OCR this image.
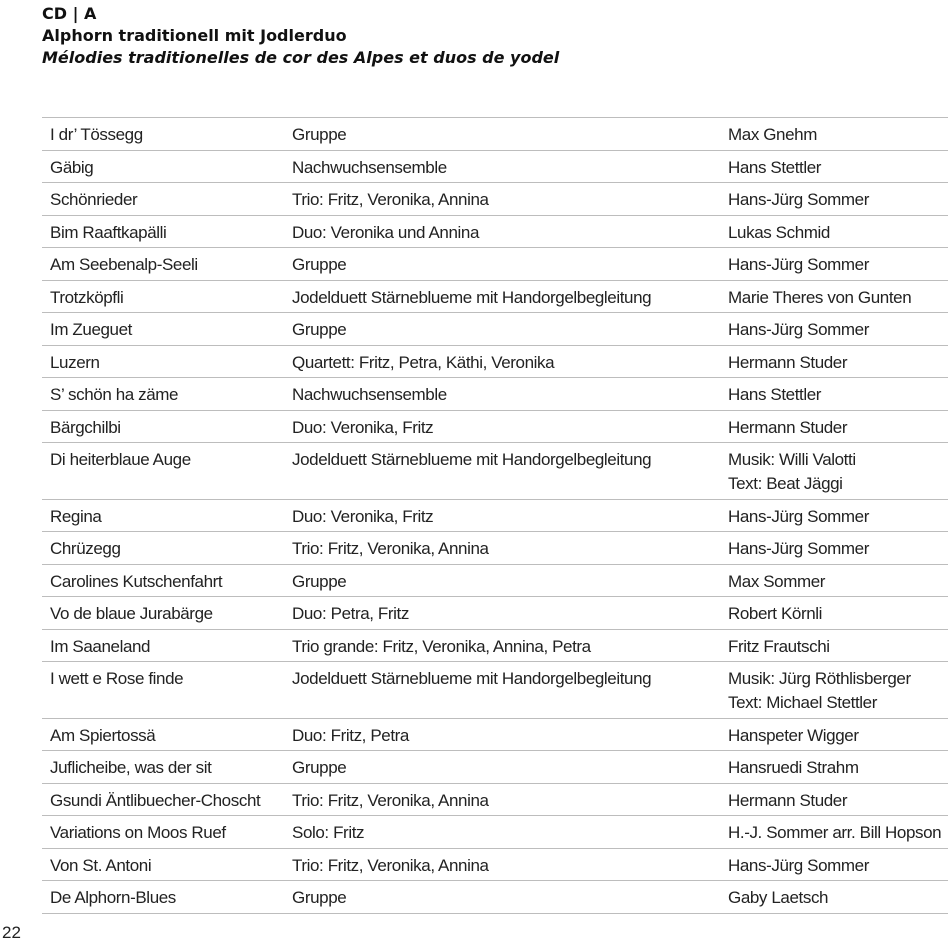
CD | A
Alphorn traditionell mit Jodlerduo
Mélodies traditionelles de cor des Alpes et duos de yodel
I dr’ Tössegg	Gruppe	Max Gnehm
Gäbig	Nachwuchsensemble	Hans Stettler
Schönrieder	Trio: Fritz, Veronika, Annina	Hans-Jürg Sommer
Bim Raaftkapälli	Duo: Veronika und Annina	Lukas Schmid
Am Seebenalp-Seeli	Gruppe	Hans-Jürg Sommer
Trotzköpfli	Jodelduett Stärneblueme mit Handorgelbegleitung	Marie Theres von Gunten
Im Zueguet	Gruppe	Hans-Jürg Sommer
Luzern	Quartett: Fritz, Petra, Käthi, Veronika	Hermann Studer
S’ schön ha zäme	Nachwuchsensemble	Hans Stettler
Bärgchilbi	Duo: Veronika, Fritz	Hermann Studer
Di heiterblaue Auge	Jodelduett Stärneblueme mit Handorgelbegleitung	Musik: Willi Valotti
Text: Beat Jäggi
Regina	Duo: Veronika, Fritz	Hans-Jürg Sommer
Chrüzegg	Trio: Fritz, Veronika, Annina	Hans-Jürg Sommer
Carolines Kutschenfahrt	Gruppe	Max Sommer
Vo de blaue Jurabärge	Duo: Petra, Fritz	Robert Körnli
Im Saaneland	Trio grande: Fritz, Veronika, Annina, Petra	Fritz Frautschi
I wett e Rose finde	Jodelduett Stärneblueme mit Handorgelbegleitung	Musik: Jürg Röthlisberger
Text: Michael Stettler
Am Spiertossä	Duo: Fritz, Petra	Hanspeter Wigger
Juflicheibe, was der sit	Gruppe	Hansruedi Strahm
Gsundi Äntlibuecher-Choscht	Trio: Fritz, Veronika, Annina	Hermann Studer
Variations on Moos Ruef	Solo: Fritz	H.-J. Sommer arr. Bill Hopson
Von St. Antoni	Trio: Fritz, Veronika, Annina	Hans-Jürg Sommer
De Alphorn-Blues	Gruppe	Gaby Laetsch
22
